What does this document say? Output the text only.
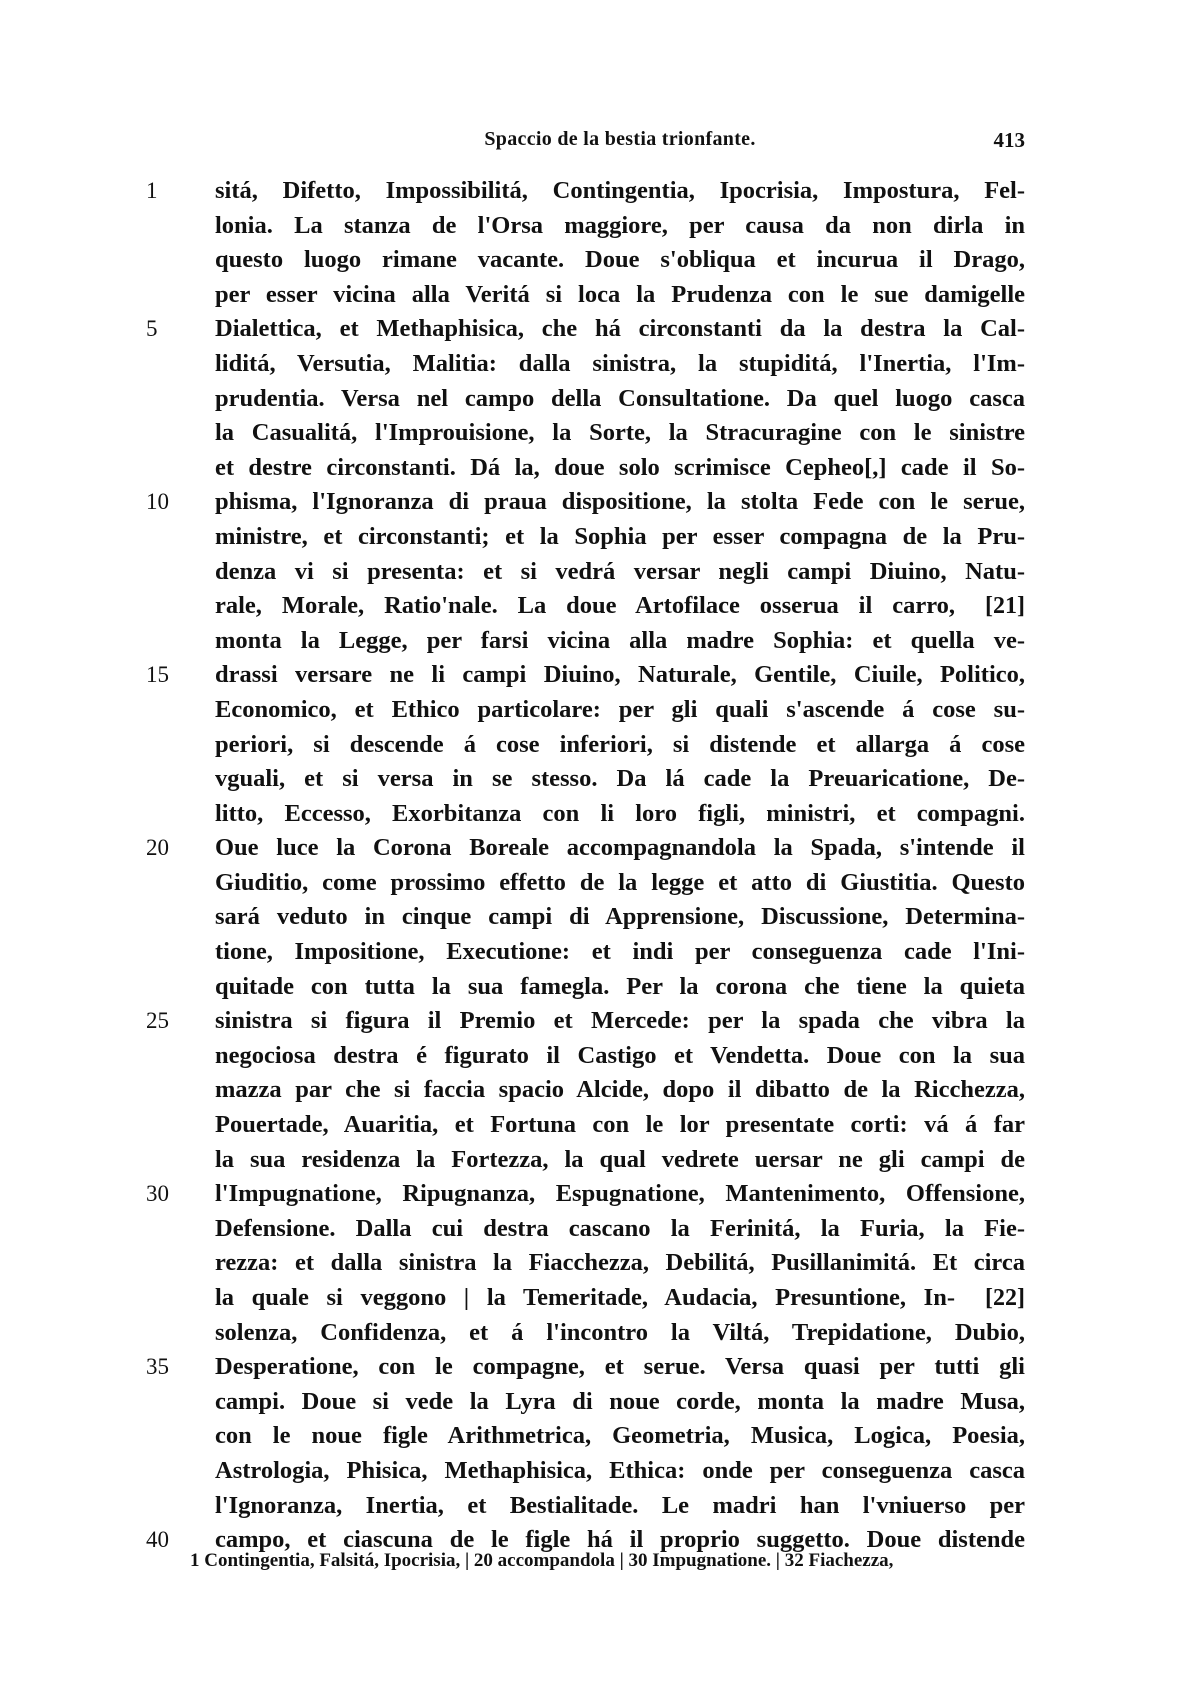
Spaccio de la bestia trionfante.	413
1	sitá, Difetto, Impossibilitá, Contingentia, Ipocrisia, Impostura, Fel-
lonia. La stanza de l'Orsa maggiore, per causa da non dirla in
questo luogo rimane vacante. Doue s'obliqua et incurua il Drago,
per esser vicina alla Veritá si loca la Prudenza con le sue damigelle
5	Dialettica, et Methaphisica, che há circonstanti da la destra la Cal-
liditá, Versutia, Malitia: dalla sinistra, la stupiditá, l'Inertia, l'Im-
prudentia. Versa nel campo della Consultatione. Da quel luogo casca
la Casualitá, l'Improuisione, la Sorte, la Stracuragine con le sinistre
et destre circonstanti. Dá la, doue solo scrimisce Cepheo[,] cade il So-
10	phisma, l'Ignoranza di praua dispositione, la stolta Fede con le serue,
ministre, et circonstanti; et la Sophia per esser compagna de la Pru-
denza vi si presenta: et si vedrá versar negli campi Diuino, Natu-
rale, Morale, Ratio'nale. La doue Artofilace osserua il carro,	[21]
monta la Legge, per farsi vicina alla madre Sophia: et quella ve-
15	drassi versare ne li campi Diuino, Naturale, Gentile, Ciuile, Politico,
Economico, et Ethico particolare: per gli quali s'ascende á cose su-
periori, si descende á cose inferiori, si distende et allarga á cose
vguali, et si versa in se stesso. Da lá cade la Preuaricatione, De-
litto, Eccesso, Exorbitanza con li loro figli, ministri, et compagni.
20	Oue luce la Corona Boreale accompagnandola la Spada, s'intende il
Giuditio, come prossimo effetto de la legge et atto di Giustitia. Questo
sará veduto in cinque campi di Apprensione, Discussione, Determina-
tione, Impositione, Executione: et indi per conseguenza cade l'Ini-
quitade con tutta la sua famegla. Per la corona che tiene la quieta
25	sinistra si figura il Premio et Mercede: per la spada che vibra la
negociosa destra é figurato il Castigo et Vendetta. Doue con la sua
mazza par che si faccia spacio Alcide, dopo il dibatto de la Ricchezza,
Pouertade, Auaritia, et Fortuna con le lor presentate corti: vá á far
la sua residenza la Fortezza, la qual vedrete uersar ne gli campi de
30	l'Impugnatione, Ripugnanza, Espugnatione, Mantenimento, Offensione,
Defensione. Dalla cui destra cascano la Ferinitá, la Furia, la Fie-
rezza: et dalla sinistra la Fiacchezza, Debilitá, Pusillanimitá. Et circa
la quale si veggono | la Temeritade, Audacia, Presuntione, In-	[22]
solenza, Confidenza, et á l'incontro la Viltá, Trepidatione, Dubio,
35	Desperatione, con le compagne, et serue. Versa quasi per tutti gli
campi. Doue si vede la Lyra di noue corde, monta la madre Musa,
con le noue figle Arithmetrica, Geometria, Musica, Logica, Poesia,
Astrologia, Phisica, Methaphisica, Ethica: onde per conseguenza casca
l'Ignoranza, Inertia, et Bestialitade. Le madri han l'vniuerso per
40	campo, et ciascuna de le figle há il proprio suggetto. Doue distende
1 Contingentia, Falsitá, Ipocrisia, | 20 accompandola | 30 Impugnatione. | 32 Fiachezza,
